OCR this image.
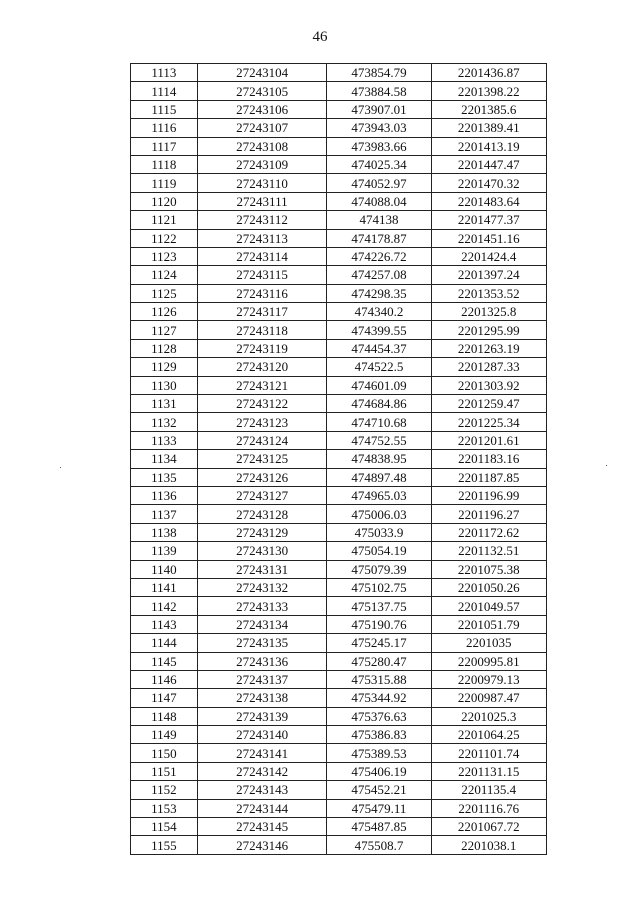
46
1113	27243104	473854.79	2201436.87
1114	27243105	473884.58	2201398.22
1115	27243106	473907.01	2201385.6
1116	27243107	473943.03	2201389.41
1117	27243108	473983.66	2201413.19
1118	27243109	474025.34	2201447.47
1119	27243110	474052.97	2201470.32
1120	27243111	474088.04	2201483.64
1121	27243112	474138	2201477.37
1122	27243113	474178.87	2201451.16
1123	27243114	474226.72	2201424.4
1124	27243115	474257.08	2201397.24
1125	27243116	474298.35	2201353.52
1126	27243117	474340.2	2201325.8
1127	27243118	474399.55	2201295.99
1128	27243119	474454.37	2201263.19
1129	27243120	474522.5	2201287.33
1130	27243121	474601.09	2201303.92
1131	27243122	474684.86	2201259.47
1132	27243123	474710.68	2201225.34
1133	27243124	474752.55	2201201.61
1134	27243125	474838.95	2201183.16
1135	27243126	474897.48	2201187.85
1136	27243127	474965.03	2201196.99
1137	27243128	475006.03	2201196.27
1138	27243129	475033.9	2201172.62
1139	27243130	475054.19	2201132.51
1140	27243131	475079.39	2201075.38
1141	27243132	475102.75	2201050.26
1142	27243133	475137.75	2201049.57
1143	27243134	475190.76	2201051.79
1144	27243135	475245.17	2201035
1145	27243136	475280.47	2200995.81
1146	27243137	475315.88	2200979.13
1147	27243138	475344.92	2200987.47
1148	27243139	475376.63	2201025.3
1149	27243140	475386.83	2201064.25
1150	27243141	475389.53	2201101.74
1151	27243142	475406.19	2201131.15
1152	27243143	475452.21	2201135.4
1153	27243144	475479.11	2201116.76
1154	27243145	475487.85	2201067.72
1155	27243146	475508.7	2201038.1
